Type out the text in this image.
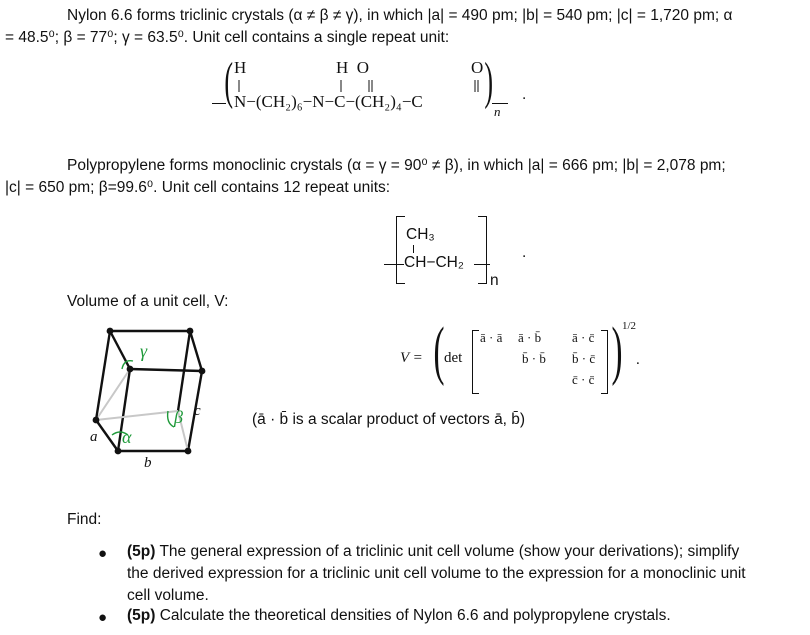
Nylon 6.6 forms triclinic crystals (α ≠ β ≠ γ), in which |a| = 490 pm; |b| = 540 pm; |c| = 1,720 pm; α
= 48.5⁰; β = 77⁰; γ = 63.5⁰. Unit cell contains a single repeat unit:
H	H  O	O
( N−(CH₂)₆−N−C−(CH₂)₄−C )
n
.
Polypropylene forms monoclinic crystals (α = γ = 90⁰ ≠ β), in which |a| = 666 pm; |b| = 2,078 pm;
|c| = 650 pm; β=99.6⁰. Unit cell contains 12 repeat units:
CH₃
CH−CH₂
n
.
Volume of a unit cell, V:
γ
β
α
c
a
b
V = ( det
ā · ā ā · b̄ ā · c̄
b̄ · b̄ b̄ · c̄
c̄ · c̄ ) 1/2
.
(ā · b̄ is a scalar product of vectors ā, b̄)
Find:
● (5p) The general expression of a triclinic unit cell volume (show your derivations); simplify
the derived expression for a triclinic unit cell volume to the expression for a monoclinic unit
cell volume.
● (5p) Calculate the theoretical densities of Nylon 6.6 and polypropylene crystals.
